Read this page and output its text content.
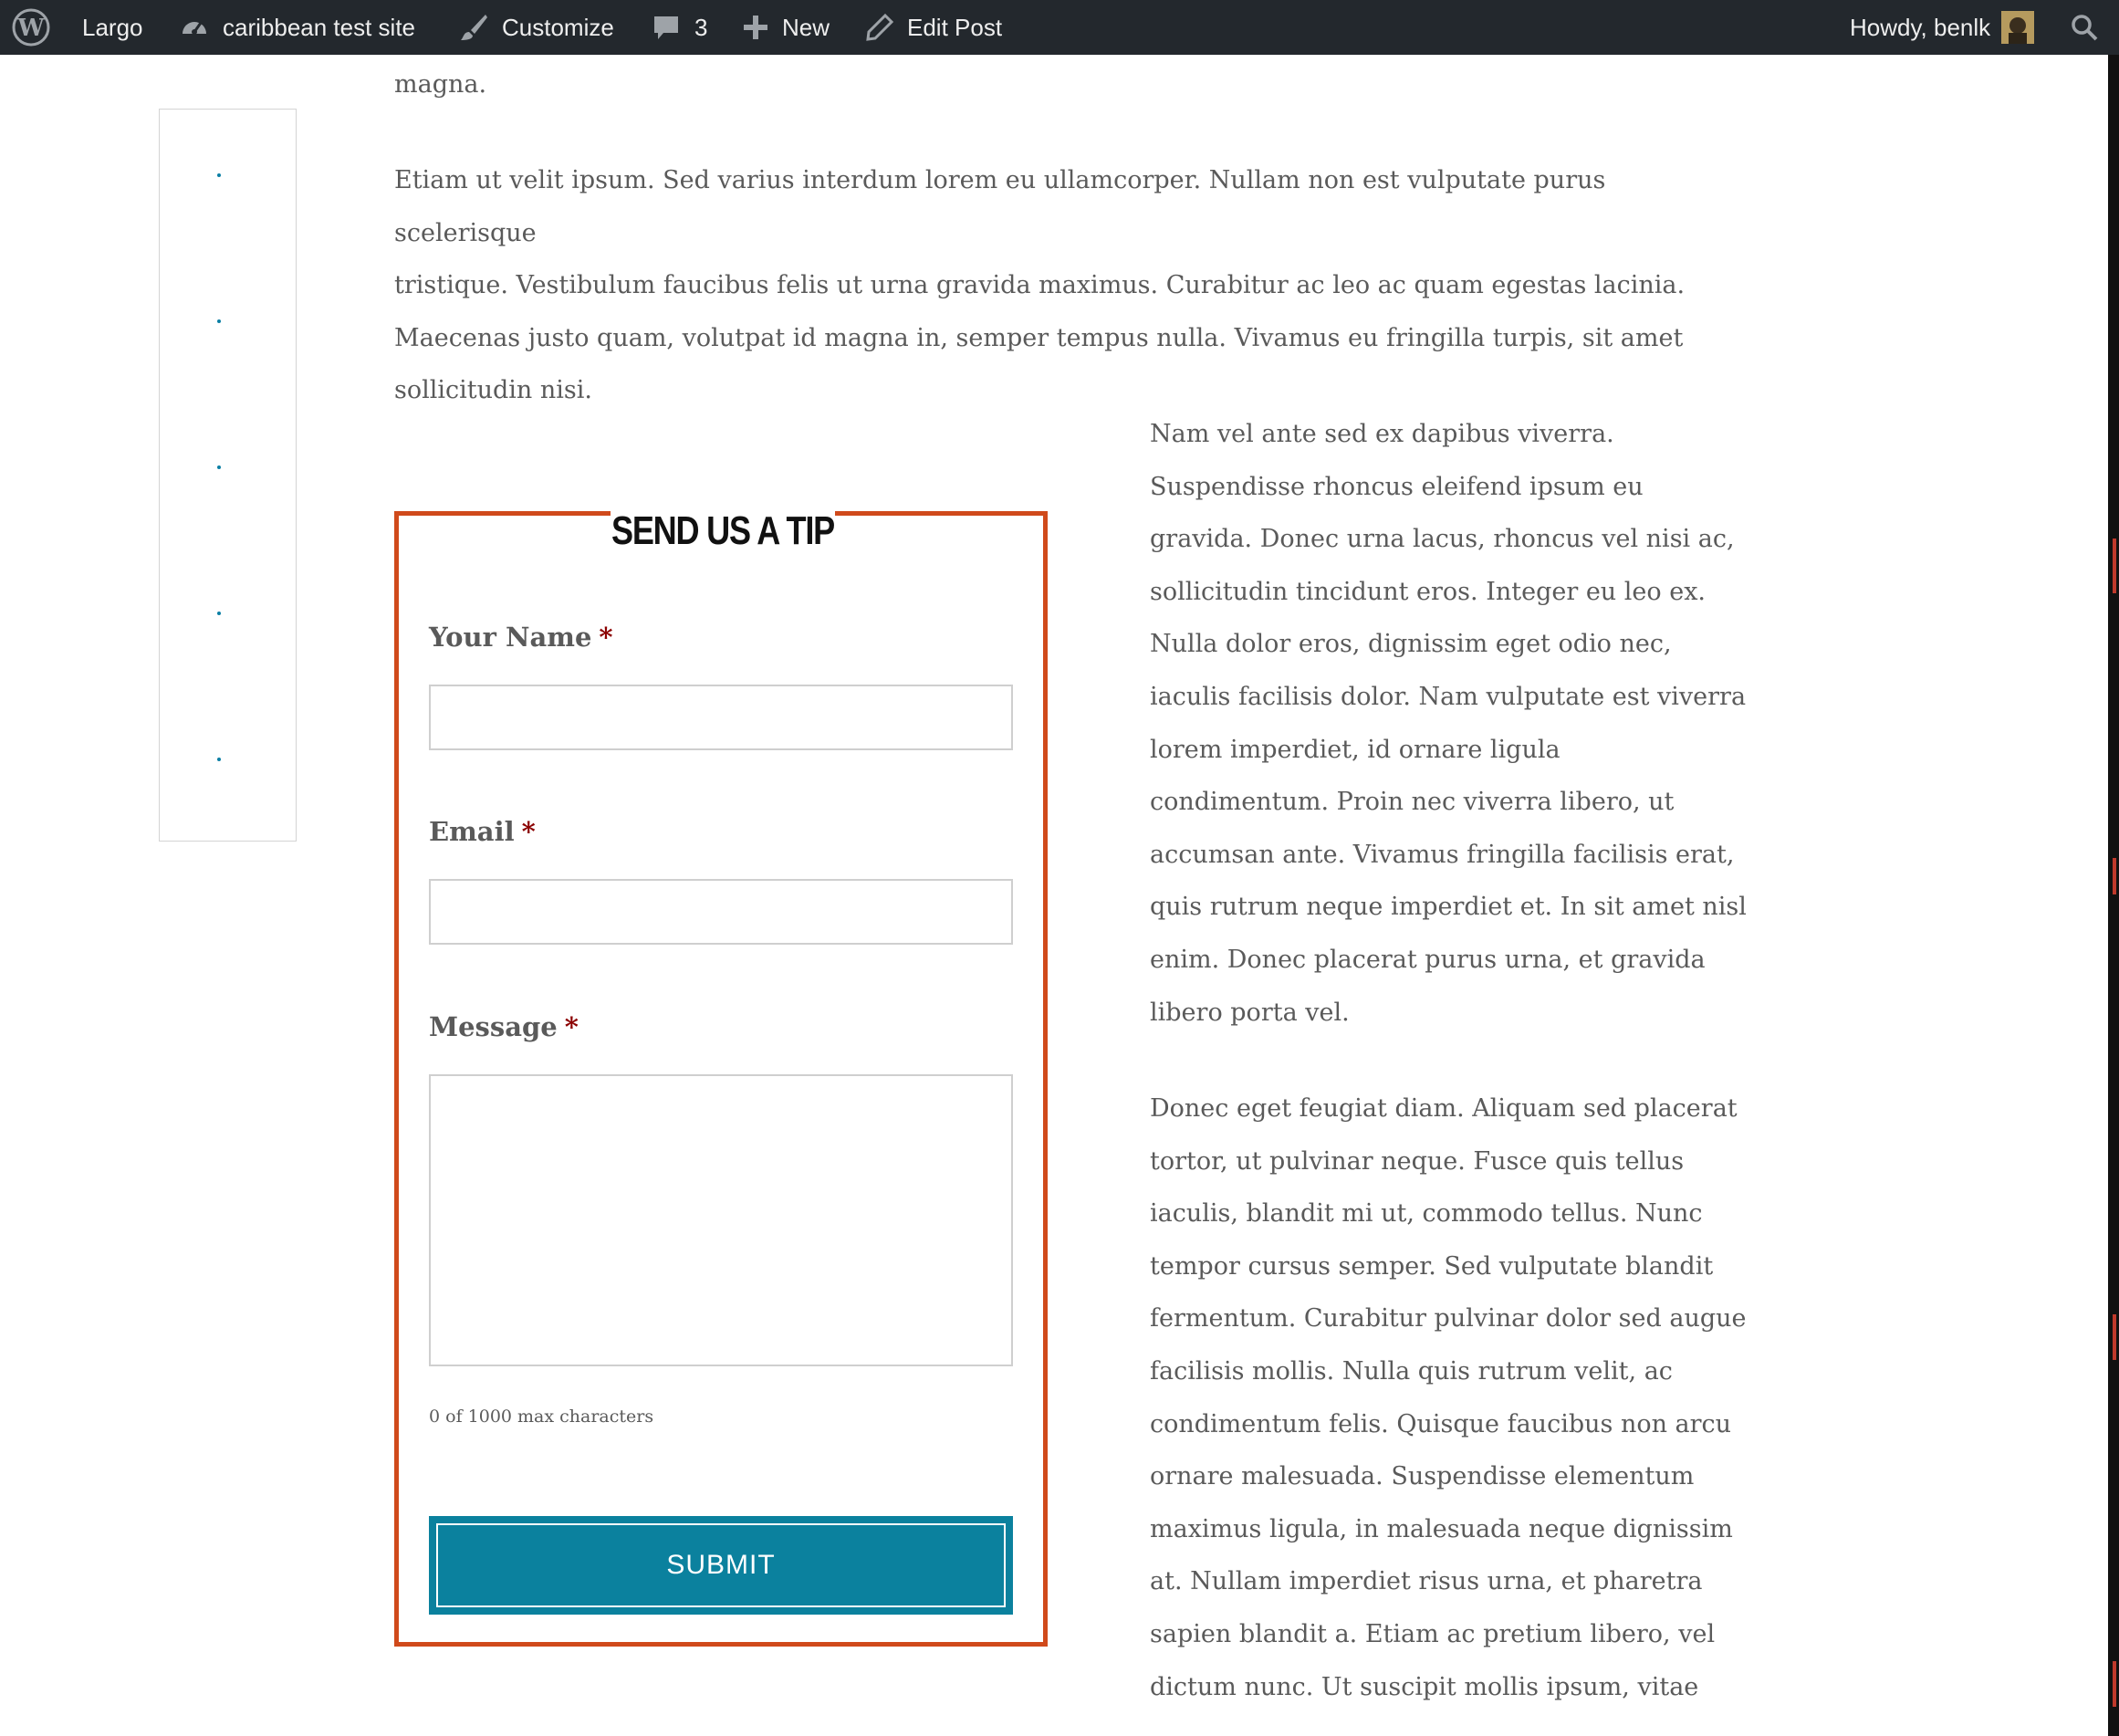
W Largo	caribbean test site	Customize	3	New	Edit Post	Howdy, benlk

magna.

Etiam ut velit ipsum. Sed varius interdum lorem eu ullamcorper. Nullam non est vulputate purus scelerisque
tristique. Vestibulum faucibus felis ut urna gravida maximus. Curabitur ac leo ac quam egestas lacinia.
Maecenas justo quam, volutpat id magna in, semper tempus nulla. Vivamus eu fringilla turpis, sit amet
sollicitudin nisi.
Nam vel ante sed ex dapibus viverra.
Suspendisse rhoncus eleifend ipsum eu
gravida. Donec urna lacus, rhoncus vel nisi ac,
sollicitudin tincidunt eros. Integer eu leo ex.
Nulla dolor eros, dignissim eget odio nec,
iaculis facilisis dolor. Nam vulputate est viverra
lorem imperdiet, id ornare ligula
condimentum. Proin nec viverra libero, ut
accumsan ante. Vivamus fringilla facilisis erat,
quis rutrum neque imperdiet et. In sit amet nisl
enim. Donec placerat purus urna, et gravida
libero porta vel.
Donec eget feugiat diam. Aliquam sed placerat
tortor, ut pulvinar neque. Fusce quis tellus
iaculis, blandit mi ut, commodo tellus. Nunc
tempor cursus semper. Sed vulputate blandit
fermentum. Curabitur pulvinar dolor sed augue
facilisis mollis. Nulla quis rutrum velit, ac
condimentum felis. Quisque faucibus non arcu
ornare malesuada. Suspendisse elementum
maximus ligula, in malesuada neque dignissim
at. Nullam imperdiet risus urna, et pharetra
sapien blandit a. Etiam ac pretium libero, vel
dictum nunc. Ut suscipit mollis ipsum, vitae
SEND US A TIP
Your Name *
Email *
Message *
0 of 1000 max characters
SUBMIT
